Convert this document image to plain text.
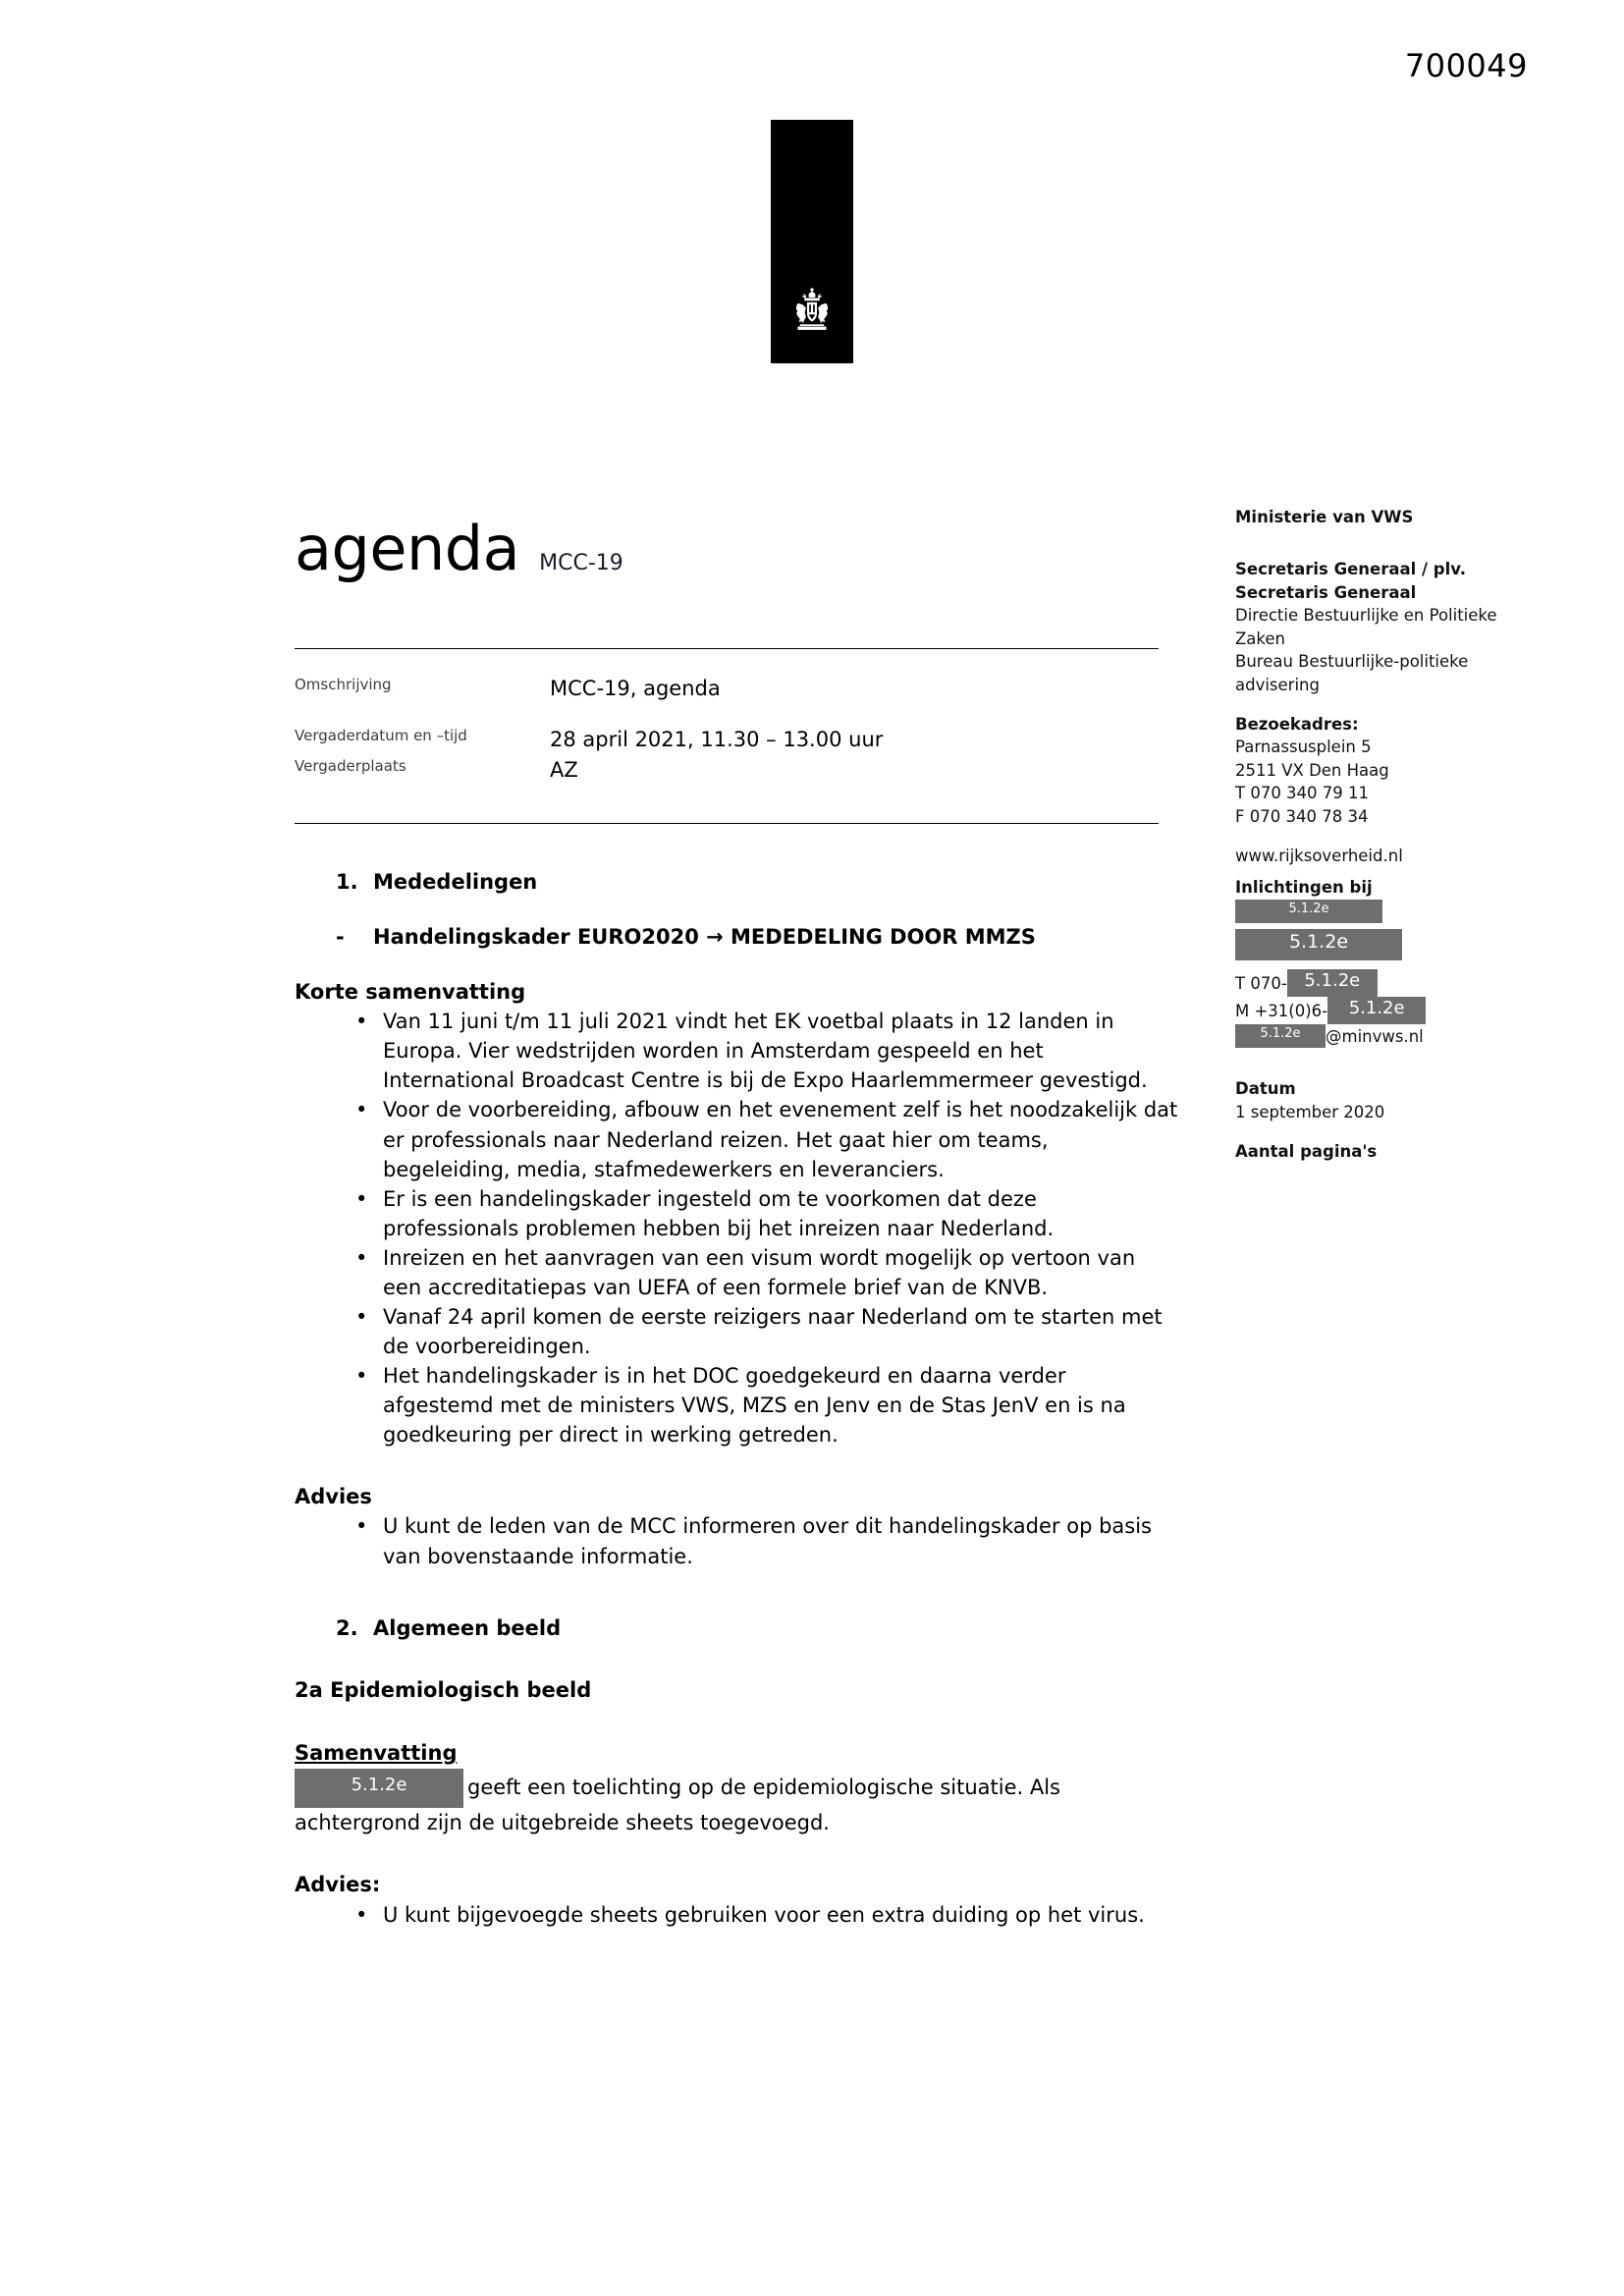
700049
agenda MCC-19
Omschrijving	MCC-19, agenda
Vergaderdatum en –tijd	28 april 2021, 11.30 – 13.00 uur
Vergaderplaats	AZ
Ministerie van VWS
Secretaris Generaal / plv.
Secretaris Generaal
Directie Bestuurlijke en Politieke
Zaken
Bureau Bestuurlijke-politieke
advisering
Bezoekadres:
Parnassusplein 5
2511 VX Den Haag
T 070 340 79 11
F 070 340 78 34
www.rijksoverheid.nl
Inlichtingen bij
5.1.2e 5.1.2e
T 070- 5.1.2e
M +31(0)6-	5.1.2e
5.1.2e	@minvws.nl
Datum
1 september 2020
Aantal pagina's
1. Mededelingen
-	Handelingskader EURO2020 → MEDEDELING DOOR MMZS
Korte samenvatting
• Van 11 juni t/m 11 juli 2021 vindt het EK voetbal plaats in 12 landen in Europa. Vier wedstrijden worden in Amsterdam gespeeld en het International Broadcast Centre is bij de Expo Haarlemmermeer gevestigd.
• Voor de voorbereiding, afbouw en het evenement zelf is het noodzakelijk dat er professionals naar Nederland reizen. Het gaat hier om teams, begeleiding, media, stafmedewerkers en leveranciers.
• Er is een handelingskader ingesteld om te voorkomen dat deze professionals problemen hebben bij het inreizen naar Nederland.
• Inreizen en het aanvragen van een visum wordt mogelijk op vertoon van een accreditatiepas van UEFA of een formele brief van de KNVB.
• Vanaf 24 april komen de eerste reizigers naar Nederland om te starten met de voorbereidingen.
• Het handelingskader is in het DOC goedgekeurd en daarna verder afgestemd met de ministers VWS, MZS en Jenv en de Stas JenV en is na goedkeuring per direct in werking getreden.
Advies
• U kunt de leden van de MCC informeren over dit handelingskader op basis van bovenstaande informatie.
2. Algemeen beeld
2a Epidemiologisch beeld
Samenvatting
5.1.2e	geeft een toelichting op de epidemiologische situatie. Als achtergrond zijn de uitgebreide sheets toegevoegd.
Advies:
• U kunt bijgevoegde sheets gebruiken voor een extra duiding op het virus.
